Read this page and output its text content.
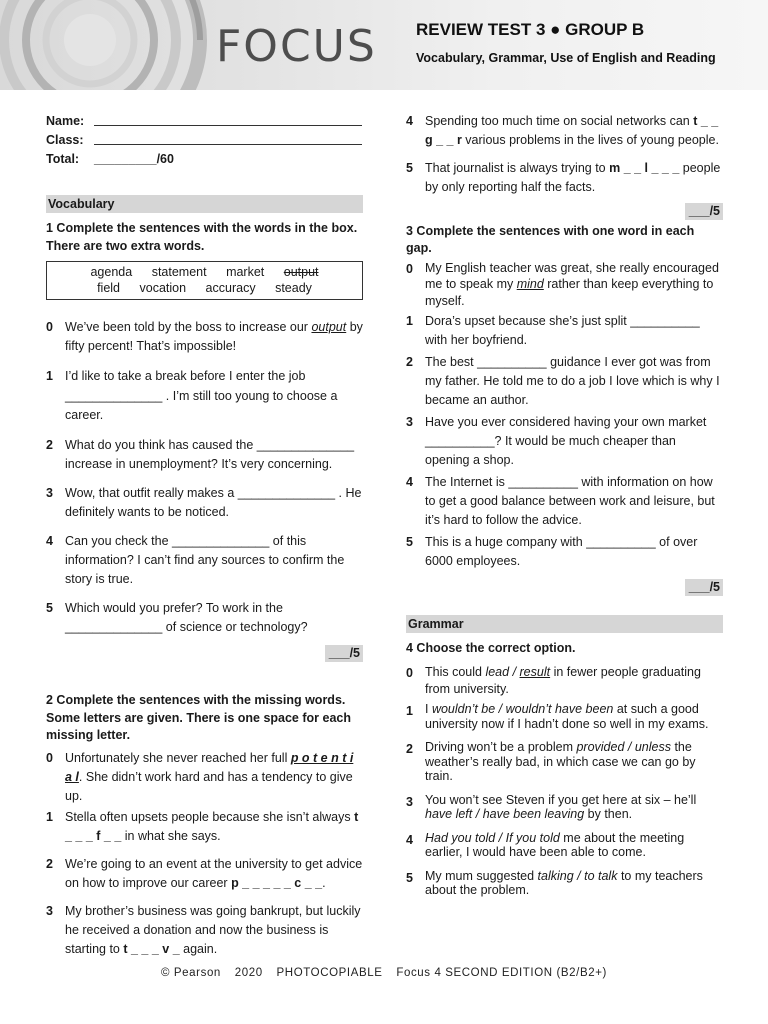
FOCUS REVIEW TEST 3 ● GROUP B
Vocabulary, Grammar, Use of English and Reading
Name:
Class:
Total:	_________/60
Vocabulary
1 Complete the sentences with the words in the box. There are two extra words.
agenda statement market output
field vocation accuracy steady
0 We’ve been told by the boss to increase our output by fifty percent! That’s impossible!
1 I’d like to take a break before I enter the job ______________ . I’m still too young to choose a career.
2 What do you think has caused the ______________ increase in unemployment? It’s very concerning.
3 Wow, that outfit really makes a ______________ . He definitely wants to be noticed.
4 Can you check the ______________ of this information? I can’t find any sources to confirm the story is true.
5 Which would you prefer? To work in the ______________ of science or technology?
___/5
2 Complete the sentences with the missing words. Some letters are given. There is one space for each missing letter.
0 Unfortunately she never reached her full p o t e n t i a l. She didn’t work hard and has a tendency to give up.
1 Stella often upsets people because she isn’t always t _ _ _ f _ _ in what she says.
2 We’re going to an event at the university to get advice on how to improve our career p _ _ _ _ _ c _ _.
3 My brother’s business was going bankrupt, but luckily he received a donation and now the business is starting to t _ _ _ v _ again.
4 Spending too much time on social networks can t _ _ g _ _ r various problems in the lives of young people.
5 That journalist is always trying to m _ _ l _ _ _ people by only reporting half the facts.
___/5
3 Complete the sentences with one word in each gap.
0 My English teacher was great, she really encouraged me to speak my mind rather than keep everything to myself.
1 Dora’s upset because she’s just split __________ with her boyfriend.
2 The best __________ guidance I ever got was from my father. He told me to do a job I love which is why I became an author.
3 Have you ever considered having your own market __________? It would be much cheaper than opening a shop.
4 The Internet is __________ with information on how to get a good balance between work and leisure, but it’s hard to follow the advice.
5 This is a huge company with __________ of over 6000 employees.
___/5
Grammar
4 Choose the correct option.
0 This could lead / result in fewer people graduating from university.
1 I wouldn’t be / wouldn’t have been at such a good university now if I hadn’t done so well in my exams.
2 Driving won’t be a problem provided / unless the weather’s really bad, in which case we can go by train.
3 You won’t see Steven if you get here at six – he’ll have left / have been leaving by then.
4 Had you told / If you told me about the meeting earlier, I would have been able to come.
5 My mum suggested talking / to talk to my teachers about the problem.
© Pearson 2020 PHOTOCOPIABLE Focus 4 SECOND EDITION (B2/B2+)
